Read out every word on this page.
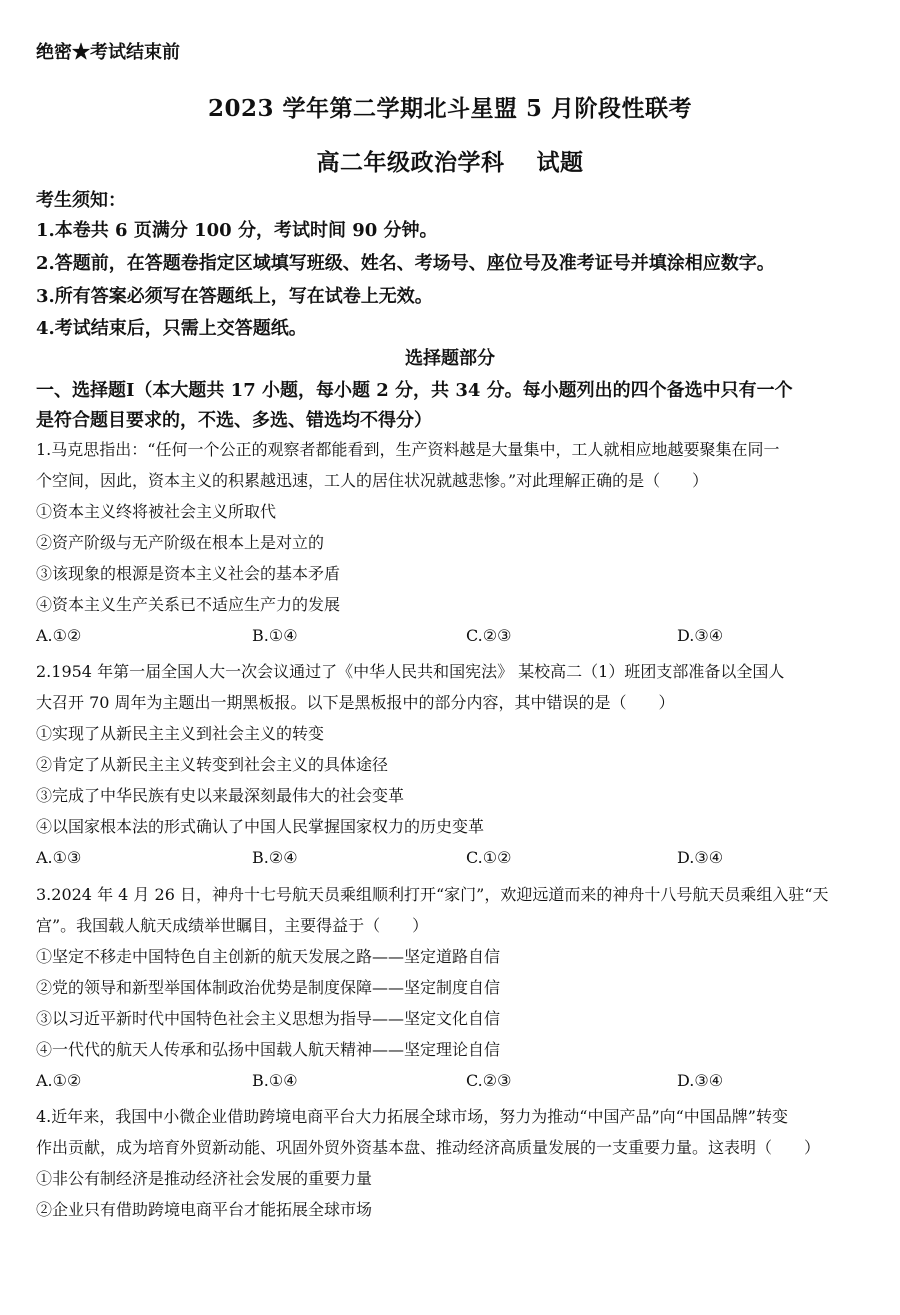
绝密★考试结束前
2023 学年第二学期北斗星盟 5 月阶段性联考
高二年级政治学科　 试题
考生须知：
1.本卷共 6 页满分 100 分，考试时间 90 分钟。
2.答题前，在答题卷指定区域填写班级、姓名、考场号、座位号及准考证号并填涂相应数字。
3.所有答案必须写在答题纸上，写在试卷上无效。
4.考试结束后，只需上交答题纸。
选择题部分
一、选择题Ⅰ（本大题共 17 小题，每小题 2 分，共 34 分。每小题列出的四个备选中只有一个
是符合题目要求的，不选、多选、错选均不得分）
1.马克思指出：“任何一个公正的观察者都能看到，生产资料越是大量集中，工人就相应地越要聚集在同一
个空间，因此，资本主义的积累越迅速，工人的居住状况就越悲惨。”对此理解正确的是（　　）
①资本主义终将被社会主义所取代
②资产阶级与无产阶级在根本上是对立的
③该现象的根源是资本主义社会的基本矛盾
④资本主义生产关系已不适应生产力的发展
A.①②	B.①④	C.②③	D.③④
2.1954 年第一届全国人大一次会议通过了《中华人民共和国宪法》 某校高二（1）班团支部准备以全国人
大召开 70 周年为主题出一期黑板报。以下是黑板报中的部分内容，其中错误的是（　　）
①实现了从新民主主义到社会主义的转变
②肯定了从新民主主义转变到社会主义的具体途径
③完成了中华民族有史以来最深刻最伟大的社会变革
④以国家根本法的形式确认了中国人民掌握国家权力的历史变革
A.①③	B.②④	C.①②	D.③④
3.2024 年 4 月 26 日，神舟十七号航天员乘组顺利打开“家门”，欢迎远道而来的神舟十八号航天员乘组入驻“天
宫”。我国载人航天成绩举世瞩目，主要得益于（　　）
①坚定不移走中国特色自主创新的航天发展之路——坚定道路自信
②党的领导和新型举国体制政治优势是制度保障——坚定制度自信
③以习近平新时代中国特色社会主义思想为指导——坚定文化自信
④一代代的航天人传承和弘扬中国载人航天精神——坚定理论自信
A.①②	B.①④	C.②③	D.③④
4.近年来，我国中小微企业借助跨境电商平台大力拓展全球市场，努力为推动“中国产品”向“中国品牌”转变
作出贡献，成为培育外贸新动能、巩固外贸外资基本盘、推动经济高质量发展的一支重要力量。这表明（　　）
①非公有制经济是推动经济社会发展的重要力量
②企业只有借助跨境电商平台才能拓展全球市场
